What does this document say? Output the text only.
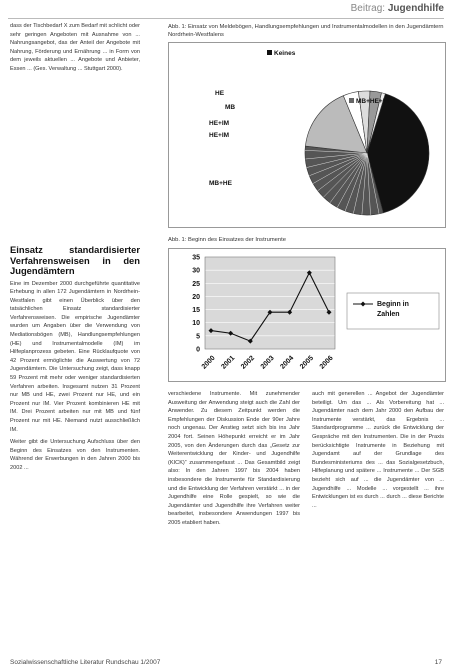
Beitrag: Jugendhilfe

dass der Tischbedarf X zum Bedarf mit schlicht oder sehr geringen Angeboten mit Ausnahme von ... Nahrungsangebot, das der Anteil der Angebote mit Nahrung, Förderung und Ernährung ... in Form von dem jeweils aktuellen ... Angebote und Anbieter, Essen ... (Ges. Verwaltung ... Stuttgart 2000).

Einsatz standardisierter Verfahrensweisen in den Jugendämtern

Eine im Dezember 2000 durchgeführte quantitative Erhebung in allen 172 Jugendämtern in Nordrhein-Westfalen gibt einen Überblick über den tatsächlichen Einsatz standardisierter Verfahrensweisen. Die empirische Jugendämter wurden um Angaben über die Verwendung von Mediationsbögen (MB), Handlungsempfehlungen (HE) und Instrumentalmodelle (IM) im Hilfeplanprozess gebeten. Eine Rücklaufquote von 42 Prozent ermöglichte die Auswertung von 72 Jugendämtern. Die Untersuchung zeigt, dass knapp 59 Prozent mit mehr oder weniger standardisierten Verfahren arbeiten. Insgesamt nutzen 31 Prozent nur MB und HE, zwei Prozent nur HE, und ein Prozent nur IM. Vier Prozent kombinieren HE mit IM. Drei Prozent arbeiten nur mit MB und fünf Prozent nur mit HE. Niemand nutzt ausschließlich IM.

Weiter gibt die Untersuchung Aufschluss über den Beginn des Einsatzes von den Instrumenten. Während der Erwerbungen in den Jahren 2000 bis 2002 ...

Abb. 1: Einsatz von Meldebögen, Handlungsempfehlungen und Instrumentalmodellen in den Jugendämtern Nordrhein-Westfalens
Keines
MB+HE+IM
HE
MB
HE+IM
HE+IM
MB+HE
Abb. 1: Beginn des Einsatzes der Instrumente
0
5
10
15
20
25
30
35
2000 2001 2002 2003 2004 2005 2006
Beginn in
Zahlen

verschiedene Instrumente. Mit zunehmender Ausweitung der Anwendung steigt auch die Zahl der Anwender. Zu diesem Zeitpunkt werden die Empfehlungen der Diskussion Ende der 90er Jahre noch ungenau. Der Anstieg setzt sich bis ins Jahr 2004 fort. Seinen Höhepunkt erreicht er im Jahr 2005, von den Änderungen durch das „Gesetz zur Weiterentwicklung der Kinder- und Jugendhilfe (KICK)“ zusammengefasst ... Das Gesamtbild zeigt also: In den Jahren 1997 bis 2004 haben insbesondere die Instrumente für Standardisierung und die Entwicklung der Verfahren verstärkt ... in der Jugendhilfe eine Rolle gespielt, so wie die Jugendämter und Jugendhilfe ihre Verfahren weiter bearbeitet, insbesondere Anwendungen 1997 bis 2005 etabliert haben.

auch mit generellen ... Angebot der Jugendämter beteiligt. Um das ... Als Vorbereitung hat ... Jugendämter nach dem Jahr 2000 den Aufbau der Instrumente verstärkt, das Ergebnis ... Standardprogramme ... zurück die Entwicklung der Gespräche mit den Instrumenten. Die in der Praxis berücksichtigte Instrumente in Beziehung mit Jugendamt auf der Grundlage des Bundesministeriums des ... das Sozialgesetzbuch, Hilfeplanung und spätere ... Instrumente ... Der SGB bezieht sich auf ... die Jugendämter von ... Jugendhilfe ... Modelle ... vorgestellt ... ihre Entwicklungen ist es durch ... durch ... diese Berichte ...

Sozialwissenschaftliche Literatur Rundschau 1/2007	17
